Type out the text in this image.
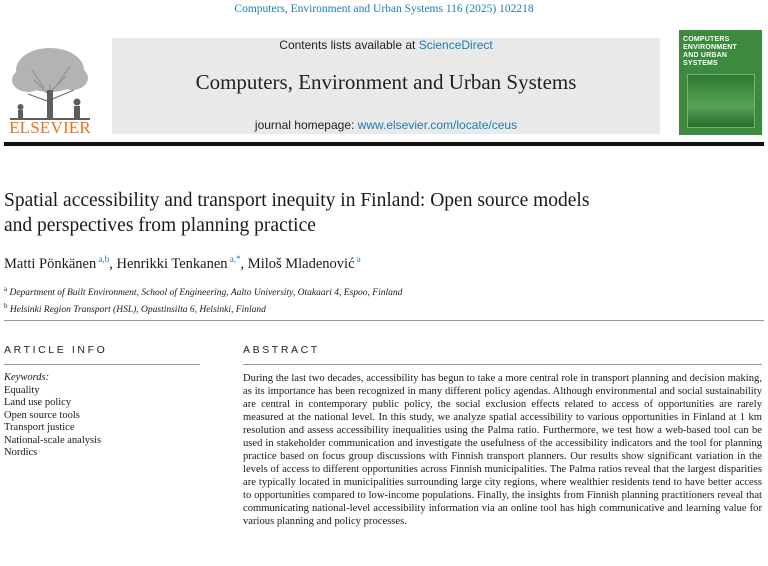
Computers, Environment and Urban Systems 116 (2025) 102218
ELSEVIER
Contents lists available at ScienceDirect
Computers, Environment and Urban Systems
journal homepage: www.elsevier.com/locate/ceus
COMPUTERS
ENVIRONMENT
AND URBAN SYSTEMS
Spatial accessibility and transport inequity in Finland: Open source models
and perspectives from planning practice
Matti Pönkänen $^{a,b}$, Henrikki Tenkanen $^{a,*}$, Miloš Mladenović $^a$
$^a$ Department of Built Environment, School of Engineering, Aalto University, Otakaari 4, Espoo, Finland
$^b$ Helsinki Region Transport (HSL), Opastinsilta 6, Helsinki, Finland
ARTICLE INFO	ABSTRACT
Keywords:
Equality
Land use policy
Open source tools
Transport justice
National-scale analysis
Nordics
During the last two decades, accessibility has begun to take a more central role in transport planning and decision making, as its importance has been recognized in many different policy agendas. Although environmental and social sustainability are central in contemporary public policy, the social exclusion effects related to access of opportunities are rarely measured at the national level. In this study, we analyze spatial accessibility to various opportunities in Finland at 1 km resolution and assess accessibility inequalities using the Palma ratio. Furthermore, we test how a web-based tool can be used in stakeholder communication and investigate the usefulness of the accessibility indicators and the tool for planning practice based on focus group discussions with Finnish transport planners. Our results show significant variation in the levels of access to different opportunities across Finnish municipalities. The Palma ratios reveal that the largest disparities are typically located in municipalities surrounding large city regions, where wealthier residents tend to have better access to opportunities compared to low-income populations. Finally, the insights from Finnish planning practitioners reveal that communicating national-level accessibility information via an online tool has high communicative and learning value for various planning and policy processes.
